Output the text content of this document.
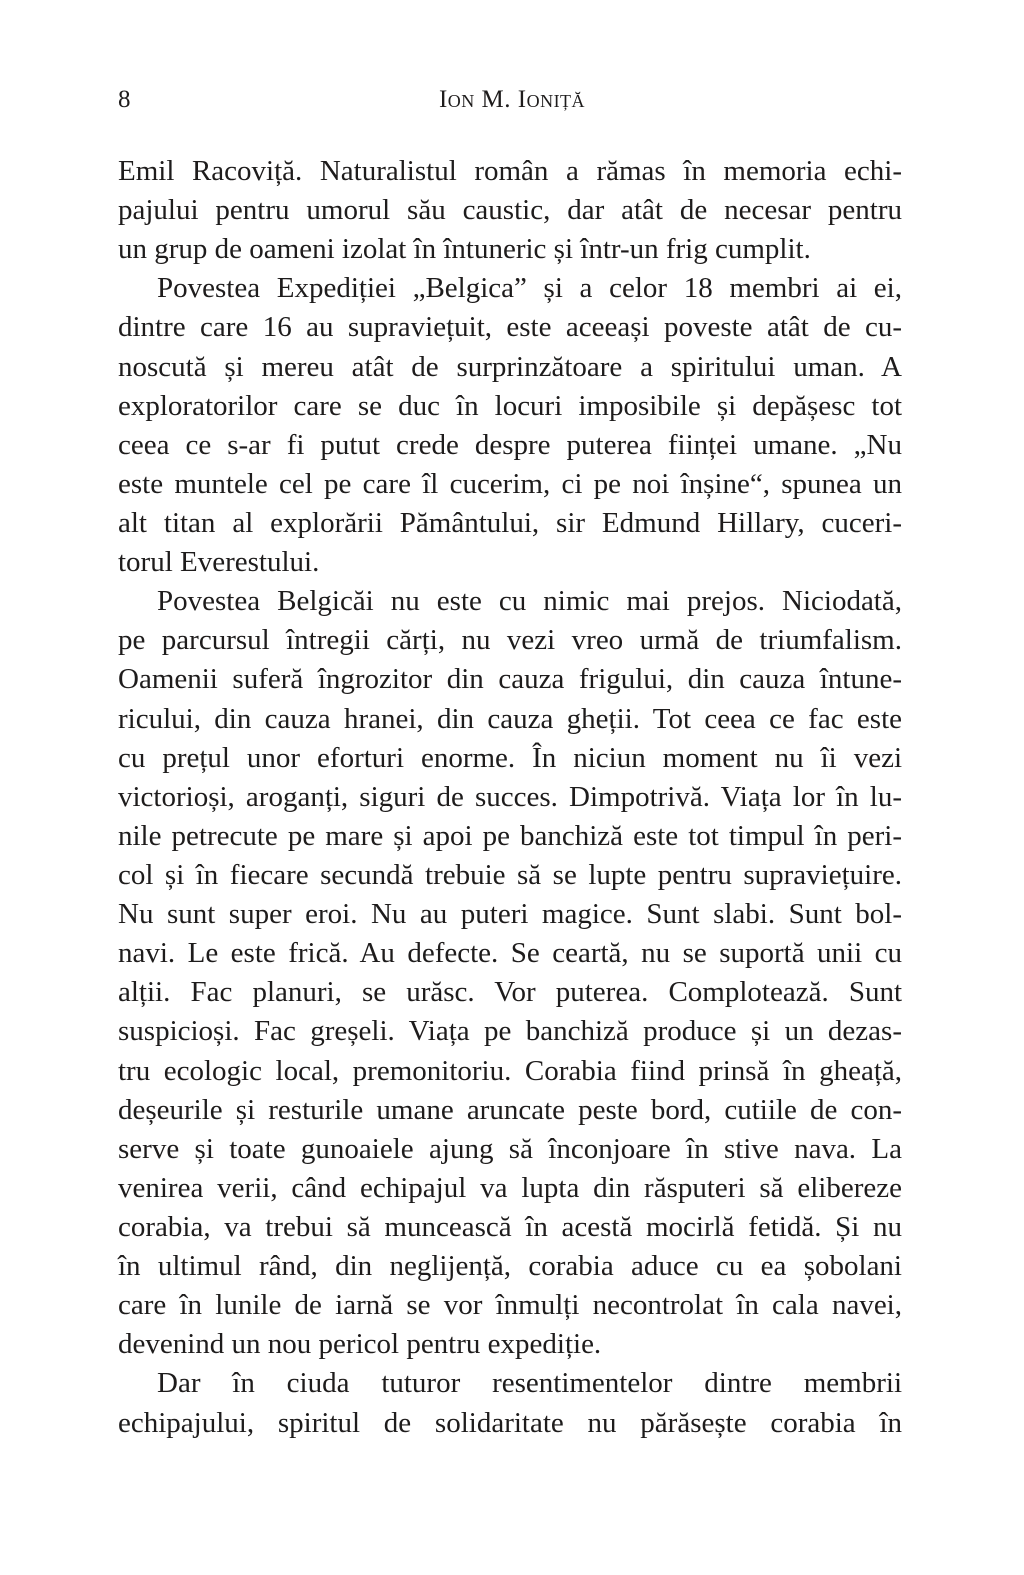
8	Ion M. Ioniță
Emil Racoviță. Naturalistul român a rămas în memoria echi-
pajului pentru umorul său caustic, dar atât de necesar pentru
un grup de oameni izolat în întuneric și într-un frig cumplit.
Povestea Expediției „Belgica” și a celor 18 membri ai ei,
dintre care 16 au supraviețuit, este aceeași poveste atât de cu-
noscută și mereu atât de surprinzătoare a spiritului uman. A
exploratorilor care se duc în locuri imposibile și depășesc tot
ceea ce s-ar fi putut crede despre puterea ființei umane. „Nu
este muntele cel pe care îl cucerim, ci pe noi înșine“, spunea un
alt titan al explorării Pământului, sir Edmund Hillary, cuceri-
torul Everestului.
Povestea Belgicăi nu este cu nimic mai prejos. Niciodată,
pe parcursul întregii cărți, nu vezi vreo urmă de triumfalism.
Oamenii suferă îngrozitor din cauza frigului, din cauza întune-
ricului, din cauza hranei, din cauza gheții. Tot ceea ce fac este
cu prețul unor eforturi enorme. În niciun moment nu îi vezi
victorioși, aroganți, siguri de succes. Dimpotrivă. Viața lor în lu-
nile petrecute pe mare și apoi pe banchiză este tot timpul în peri-
col și în fiecare secundă trebuie să se lupte pentru supraviețuire.
Nu sunt super eroi. Nu au puteri magice. Sunt slabi. Sunt bol-
navi. Le este frică. Au defecte. Se ceartă, nu se suportă unii cu
alții. Fac planuri, se urăsc. Vor puterea. Complotează. Sunt
suspicioși. Fac greșeli. Viața pe banchiză produce și un dezas-
tru ecologic local, premonitoriu. Corabia fiind prinsă în gheață,
deșeurile și resturile umane aruncate peste bord, cutiile de con-
serve și toate gunoaiele ajung să înconjoare în stive nava. La
venirea verii, când echipajul va lupta din răsputeri să elibereze
corabia, va trebui să muncească în acestă mocirlă fetidă. Și nu
în ultimul rând, din neglijență, corabia aduce cu ea șobolani
care în lunile de iarnă se vor înmulți necontrolat în cala navei,
devenind un nou pericol pentru expediție.
Dar în ciuda tuturor resentimentelor dintre membrii
echipajului, spiritul de solidaritate nu părăsește corabia în
